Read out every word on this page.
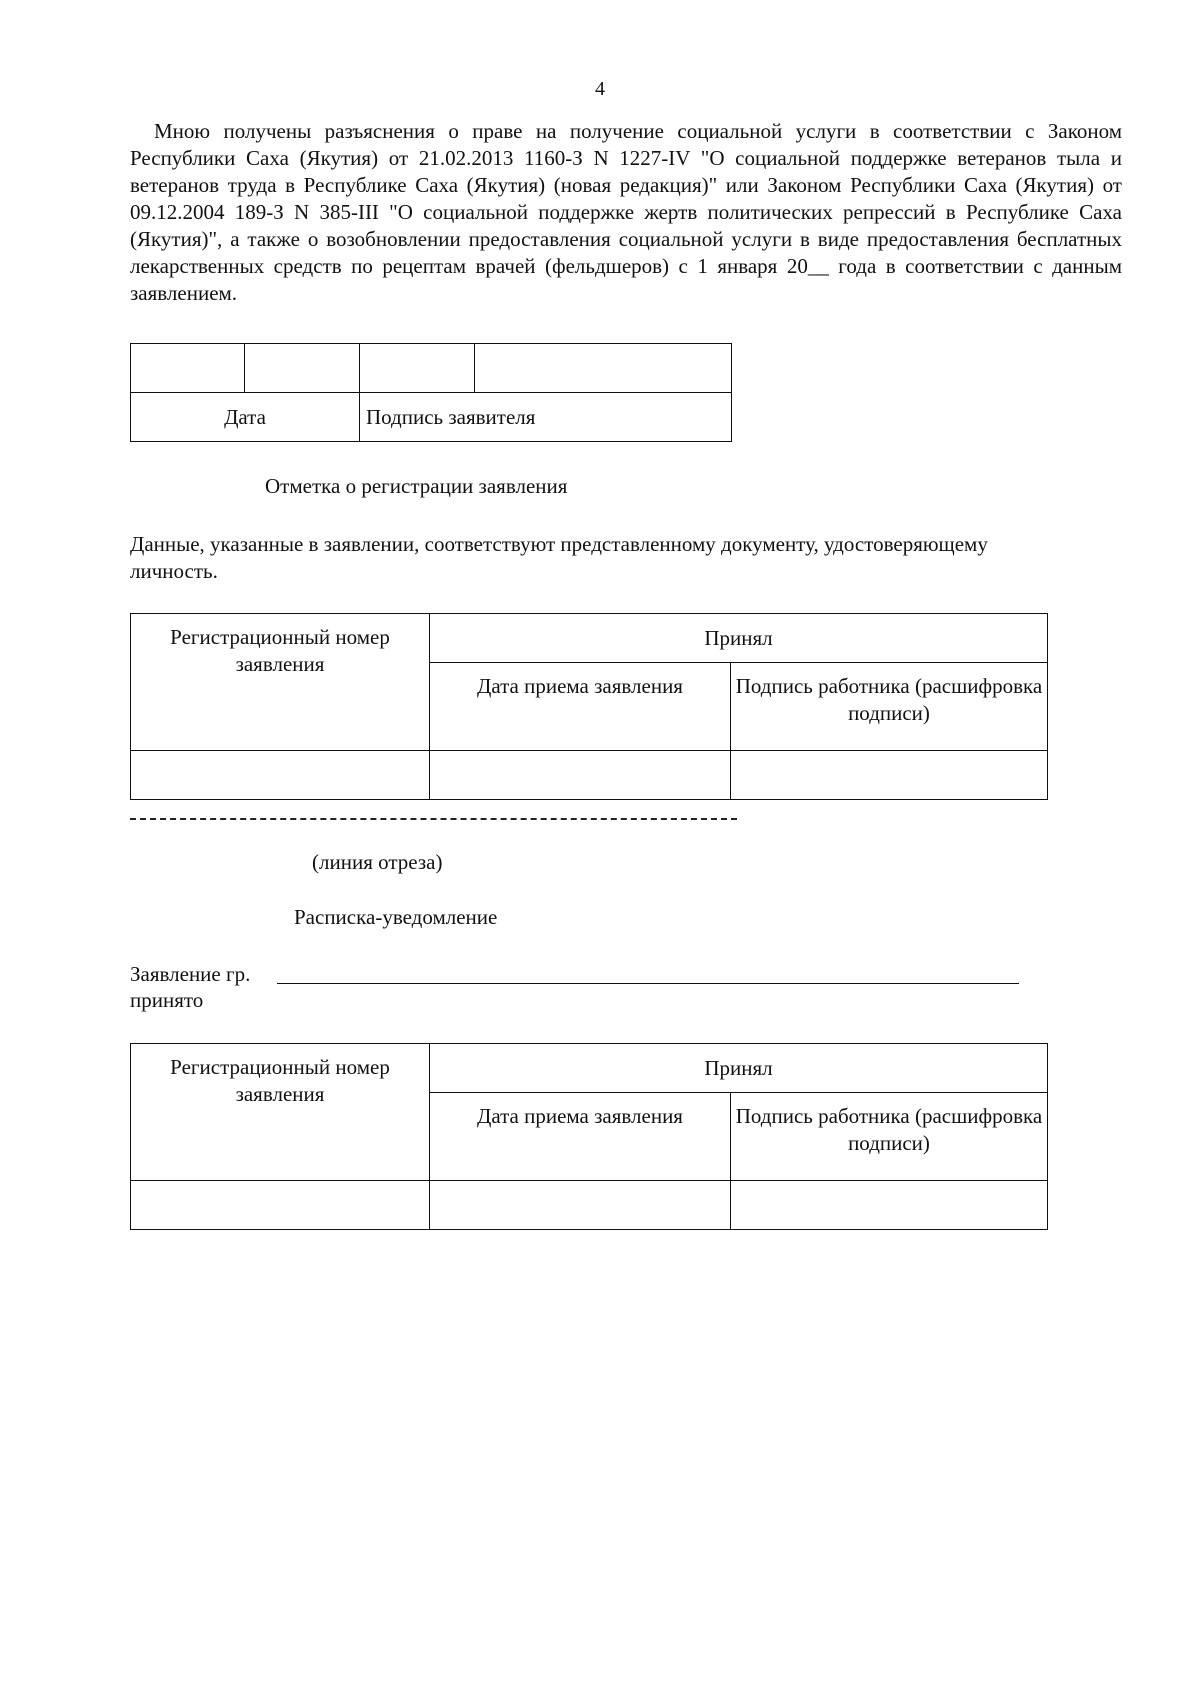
4

Мною получены разъяснения о праве на получение социальной услуги в соответствии с Законом Республики Саха (Якутия) от 21.02.2013 1160-З N 1227-IV "О социальной поддержке ветеранов тыла и ветеранов труда в Республике Саха (Якутия) (новая редакция)" или Законом Республики Саха (Якутия) от 09.12.2004 189-З N 385-III "О социальной поддержке жертв политических репрессий в Республике Саха (Якутия)", а также о возобновлении предоставления социальной услуги в виде предоставления бесплатных лекарственных средств по рецептам врачей (фельдшеров) с 1 января 20__ года в соответствии с данным заявлением.

Дата		Подпись заявителя	
Отметка о регистрации заявления

Данные, указанные в заявлении, соответствуют представленному документу, удостоверяющему личность.

Регистрационный номер заявления	Принял	
	Дата приема заявления	Подпись работника (расшифровка подписи)

(линия отреза)
Расписка-уведомление
Заявление гр.
принято
Регистрационный номер заявления	Принял	
	Дата приема заявления	Подпись работника (расшифровка подписи)
